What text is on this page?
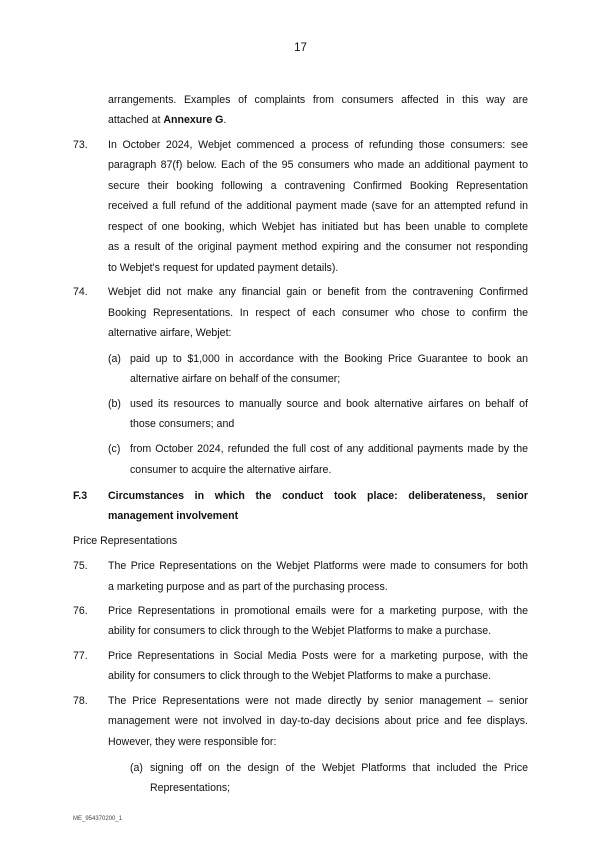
17
arrangements. Examples of complaints from consumers affected in this way are
attached at Annexure G.
73. In October 2024, Webjet commenced a process of refunding those consumers: see
paragraph 87(f) below. Each of the 95 consumers who made an additional payment to
secure their booking following a contravening Confirmed Booking Representation
received a full refund of the additional payment made (save for an attempted refund in
respect of one booking, which Webjet has initiated but has been unable to complete
as a result of the original payment method expiring and the consumer not responding
to Webjet's request for updated payment details).
74. Webjet did not make any financial gain or benefit from the contravening Confirmed
Booking Representations. In respect of each consumer who chose to confirm the
alternative airfare, Webjet:
(a) paid up to $1,000 in accordance with the Booking Price Guarantee to book an
alternative airfare on behalf of the consumer;
(b) used its resources to manually source and book alternative airfares on behalf of
those consumers; and
(c) from October 2024, refunded the full cost of any additional payments made by the
consumer to acquire the alternative airfare.
F.3 Circumstances in which the conduct took place: deliberateness, senior
management involvement
Price Representations
75. The Price Representations on the Webjet Platforms were made to consumers for both
a marketing purpose and as part of the purchasing process.
76. Price Representations in promotional emails were for a marketing purpose, with the
ability for consumers to click through to the Webjet Platforms to make a purchase.
77. Price Representations in Social Media Posts were for a marketing purpose, with the
ability for consumers to click through to the Webjet Platforms to make a purchase.
78. The Price Representations were not made directly by senior management – senior
management were not involved in day-to-day decisions about price and fee displays.
However, they were responsible for:
(a) signing off on the design of the Webjet Platforms that included the Price
Representations;
ME_954370200_1
